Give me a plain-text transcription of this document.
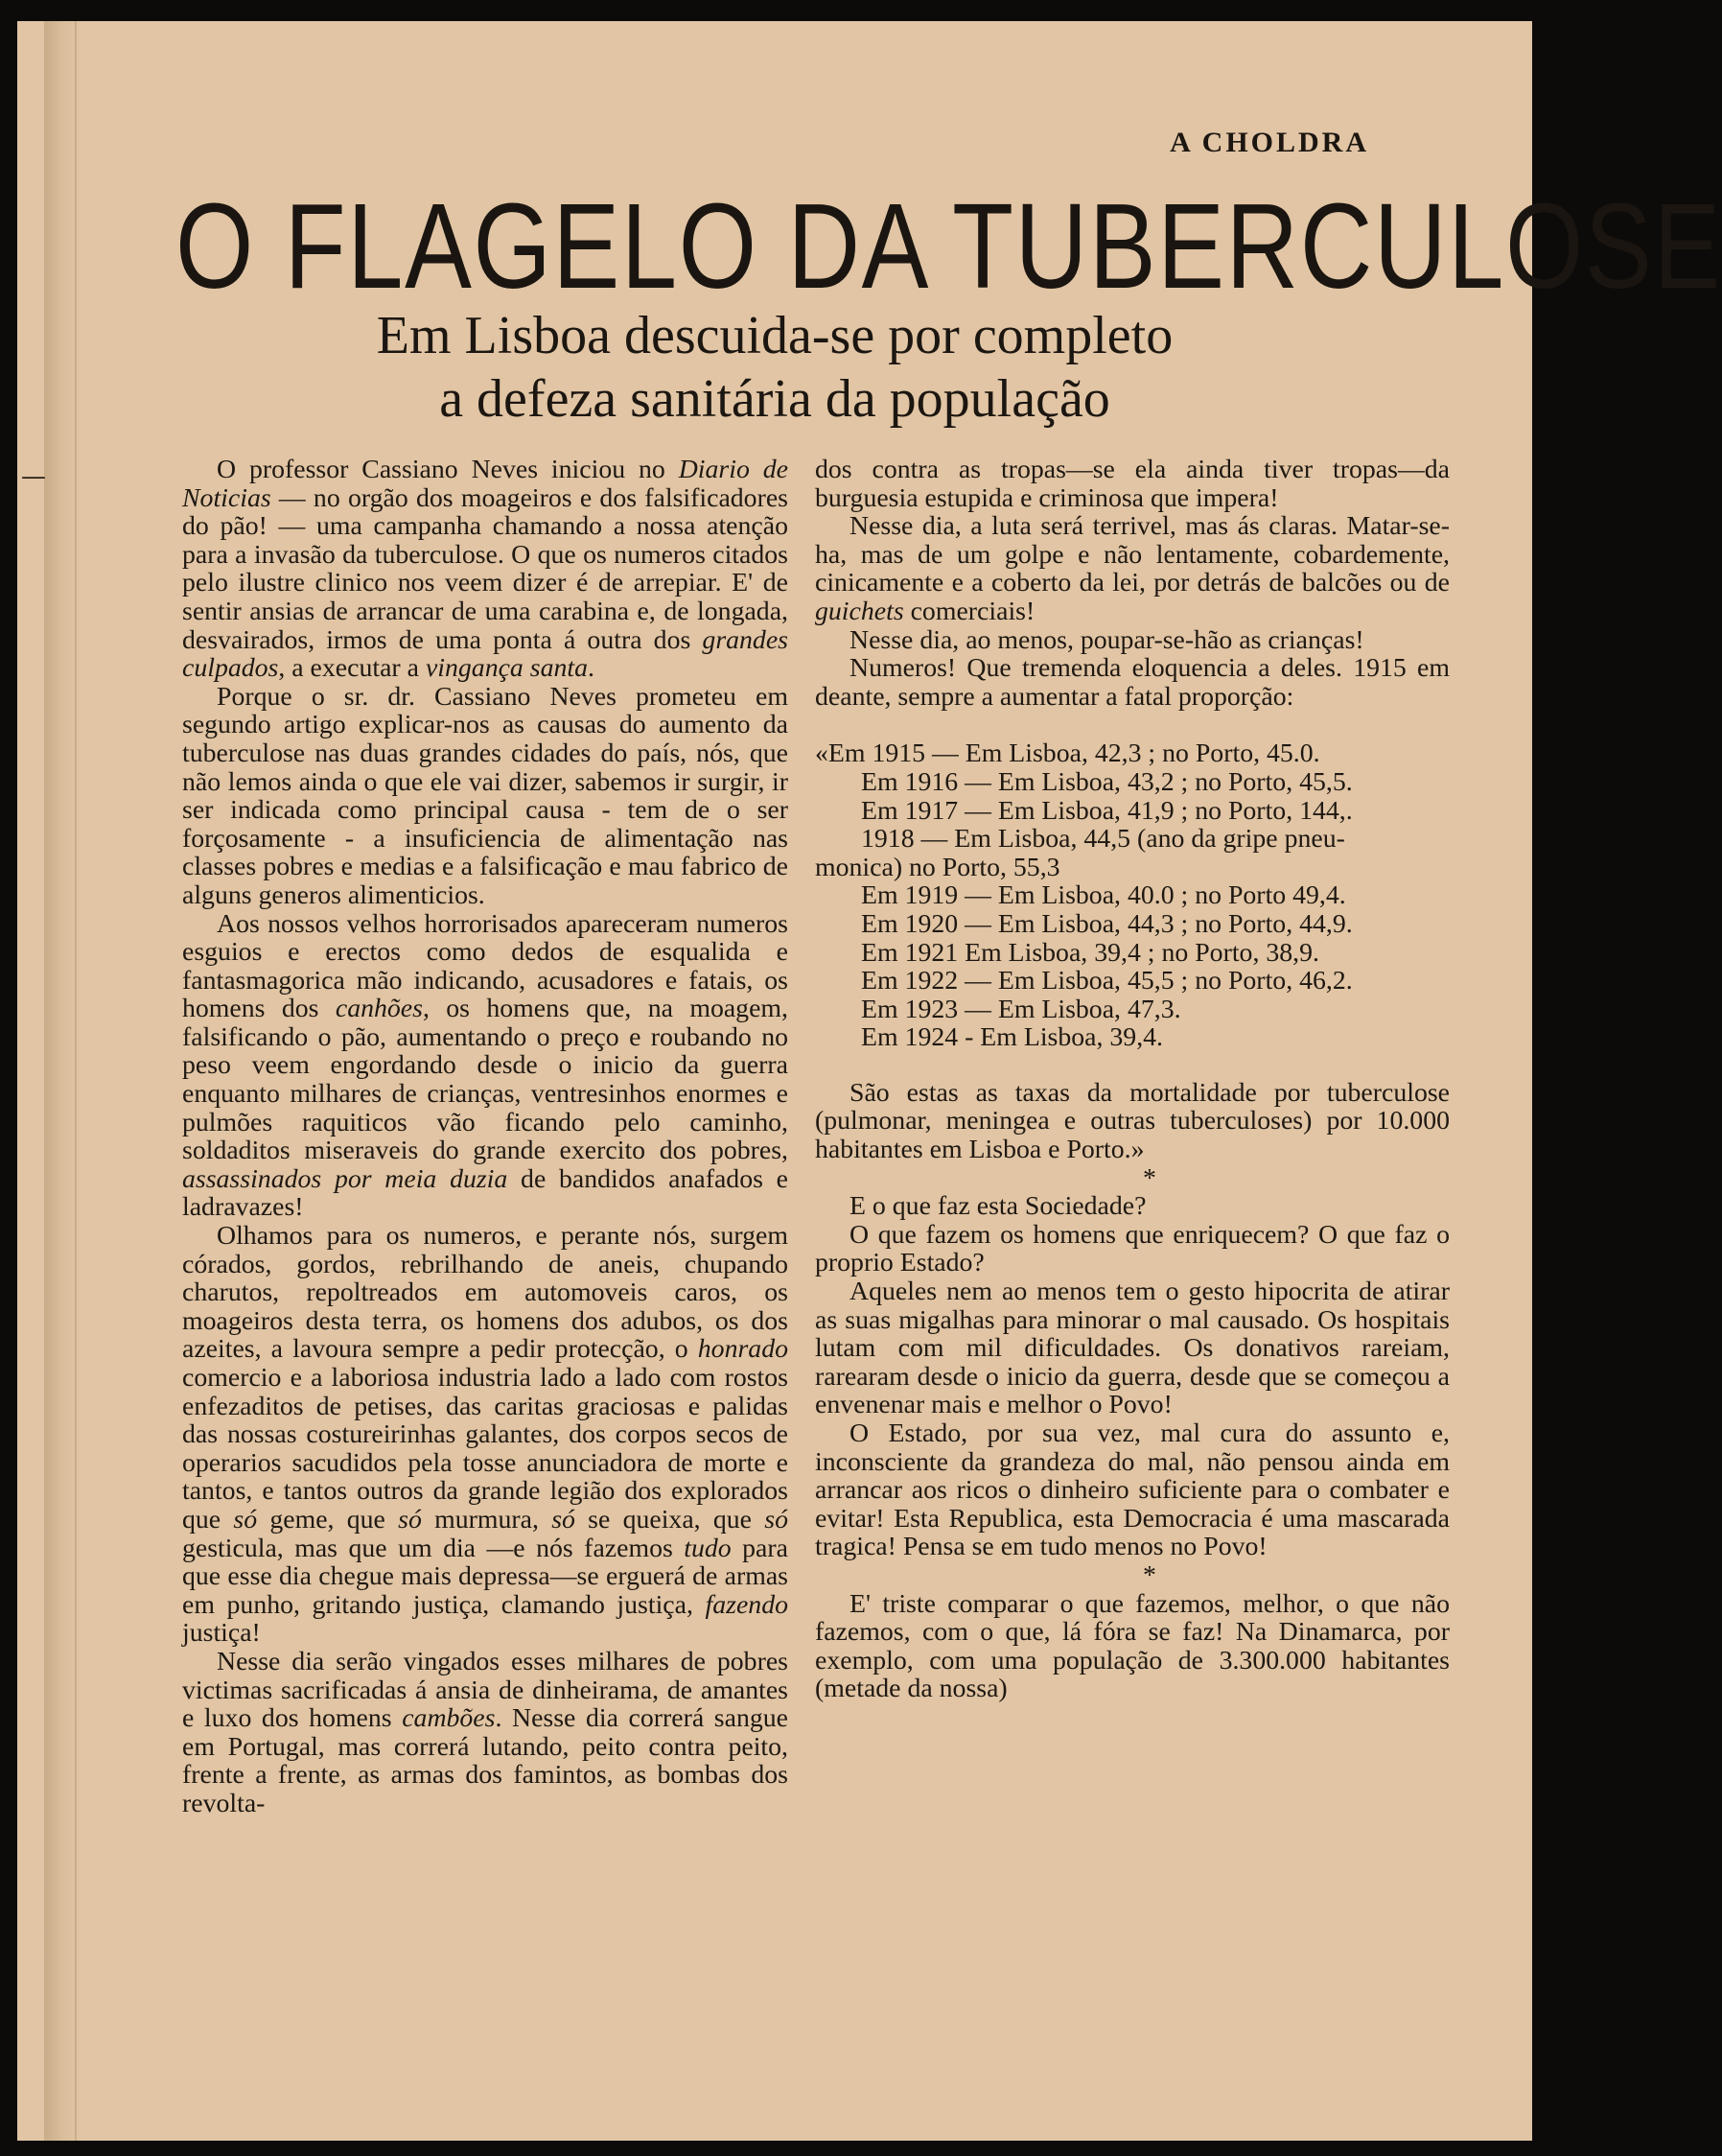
—
A CHOLDRA
O FLAGELO DA TUBERCULOSE
Em Lisboa descuida-se por completo
a defeza sanitária da população

O professor Cassiano Neves iniciou no Diario de Noticias — no orgão dos moageiros e dos falsificadores do pão! — uma campanha chamando a nossa atenção para a invasão da tuberculose. O que os numeros citados pelo ilustre clinico nos veem dizer é de arrepiar. E' de sentir ansias de arrancar de uma carabina e, de longada, desvairados, irmos de uma ponta á outra dos grandes culpados, a executar a vingança santa.

Porque o sr. dr. Cassiano Neves prometeu em segundo artigo explicar-nos as causas do aumento da tuberculose nas duas grandes cidades do país, nós, que não lemos ainda o que ele vai dizer, sabemos ir surgir, ir ser indicada como principal causa - tem de o ser forçosamente - a insuficiencia de alimentação nas classes pobres e medias e a falsificação e mau fabrico de alguns generos alimenticios.

Aos nossos velhos horrorisados apareceram numeros esguios e erectos como dedos de esqualida e fantasmagorica mão indicando, acusadores e fatais, os homens dos canhões, os homens que, na moagem, falsificando o pão, aumentando o preço e roubando no peso veem engordando desde o inicio da guerra enquanto milhares de crianças, ventresinhos enormes e pulmões raquiticos vão ficando pelo caminho, soldaditos miseraveis do grande exercito dos pobres, assassinados por meia duzia de bandidos anafados e ladravazes!

Olhamos para os numeros, e perante nós, surgem córados, gordos, rebrilhando de aneis, chupando charutos, repoltreados em automoveis caros, os moageiros desta terra, os homens dos adubos, os dos azeites, a lavoura sempre a pedir protecção, o honrado comercio e a laboriosa industria lado a lado com rostos enfezaditos de petises, das caritas graciosas e palidas das nossas costureirinhas galantes, dos corpos secos de operarios sacudidos pela tosse anunciadora de morte e tantos, e tantos outros da grande legião dos explorados que só geme, que só murmura, só se queixa, que só gesticula, mas que um dia —e nós fazemos tudo para que esse dia chegue mais depressa—se erguerá de armas em punho, gritando justiça, clamando justiça, fazendo justiça!

Nesse dia serão vingados esses milhares de pobres victimas sacrificadas á ansia de dinheirama, de amantes e luxo dos homens cambões. Nesse dia correrá sangue em Portugal, mas correrá lutando, peito contra peito, frente a frente, as armas dos famintos, as bombas dos revolta-

dos contra as tropas—se ela ainda tiver tropas—da burguesia estupida e criminosa que impera!

Nesse dia, a luta será terrivel, mas ás claras. Matar-se-ha, mas de um golpe e não lentamente, cobardemente, cinicamente e a coberto da lei, por detrás de balcões ou de guichets comerciais!

Nesse dia, ao menos, poupar-se-hão as crianças!

Numeros! Que tremenda eloquencia a deles. 1915 em deante, sempre a aumentar a fatal proporção:

«Em 1915 — Em Lisboa, 42,3 ; no Porto, 45.0.
Em 1916 — Em Lisboa, 43,2 ; no Porto, 45,5.
Em 1917 — Em Lisboa, 41,9 ; no Porto, 144,.
1918 — Em Lisboa, 44,5 (ano da gripe pneu-
monica) no Porto, 55,3
Em 1919 — Em Lisboa, 40.0 ; no Porto 49,4.
Em 1920 — Em Lisboa, 44,3 ; no Porto, 44,9.
Em 1921 Em Lisboa, 39,4 ; no Porto, 38,9.
Em 1922 — Em Lisboa, 45,5 ; no Porto, 46,2.
Em 1923 — Em Lisboa, 47,3.
Em 1924 - Em Lisboa, 39,4.

São estas as taxas da mortalidade por tuberculose (pulmonar, meningea e outras tuberculoses) por 10.000 habitantes em Lisboa e Porto.»

*

E o que faz esta Sociedade?

O que fazem os homens que enriquecem? O que faz o proprio Estado?

Aqueles nem ao menos tem o gesto hipocrita de atirar as suas migalhas para minorar o mal causado. Os hospitais lutam com mil dificuldades. Os donativos rareiam, rarearam desde o inicio da guerra, desde que se começou a envenenar mais e melhor o Povo!

O Estado, por sua vez, mal cura do assunto e, inconsciente da grandeza do mal, não pensou ainda em arrancar aos ricos o dinheiro suficiente para o combater e evitar! Esta Republica, esta Democracia é uma mascarada tragica! Pensa se em tudo menos no Povo!

*

E' triste comparar o que fazemos, melhor, o que não fazemos, com o que, lá fóra se faz! Na Dinamarca, por exemplo, com uma população de 3.300.000 habitantes (metade da nossa)
